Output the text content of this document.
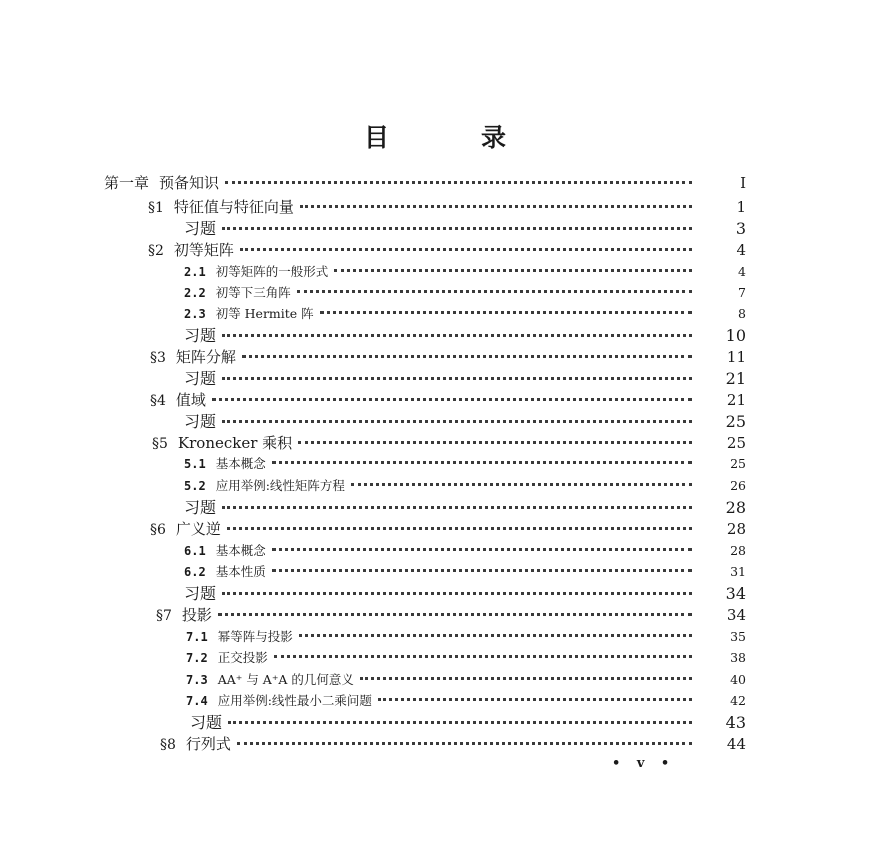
目	录
第一章 预备知识	I
§1 特征值与特征向量	1
习题	3
§2 初等矩阵	4
2.1 初等矩阵的一般形式	4
2.2 初等下三角阵	7
2.3 初等 Hermite 阵	8
习题	10
§3 矩阵分解	11
习题	21
§4 值域	21
习题	25
§5 Kronecker 乘积	25
5.1 基本概念	25
5.2 应用举例:线性矩阵方程	26
习题	28
§6 广义逆	28
6.1 基本概念	28
6.2 基本性质	31
习题	34
§7 投影	34
7.1 幂等阵与投影	35
7.2 正交投影	38
7.3 AA⁺ 与 A⁺A 的几何意义	40
7.4 应用举例:线性最小二乘问题	42
习题	43
§8 行列式	44
• v •
